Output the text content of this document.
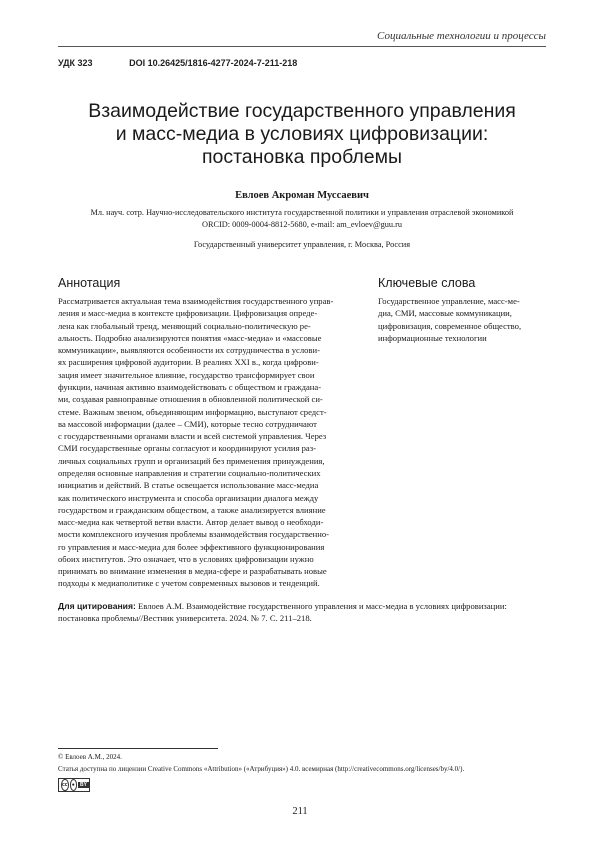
Социальные технологии и процессы
УДК 323	DOI 10.26425/1816-4277-2024-7-211-218
Взаимодействие государственного управления
и масс-медиа в условиях цифровизации:
постановка проблемы
Евлоев Акроман Муссаевич
Мл. науч. сотр. Научно-исследовательского института государственной политики и управления отраслевой экономикой
ORCID: 0009-0004-8812-5680, e-mail: am_evloev@guu.ru
Государственный университет управления, г. Москва, Россия
Аннотация	Ключевые слова
Рассматривается актуальная тема взаимодействия государственного управ-
ления и масс-медиа в контексте цифровизации. Цифровизация опреде-
лена как глобальный тренд, меняющий социально-политическую ре-
альность. Подробно анализируются понятия «масс-медиа» и «массовые
коммуникации», выявляются особенности их сотрудничества в услови-
ях расширения цифровой аудитории. В реалиях XXI в., когда цифрови-
зация имеет значительное влияние, государство трансформирует свои
функции, начиная активно взаимодействовать с обществом и граждана-
ми, создавая равноправные отношения в обновленной политической си-
стеме. Важным звеном, объединяющим информацию, выступают средст-
ва массовой информации (далее – СМИ), которые тесно сотрудничают
с государственными органами власти и всей системой управления. Через
СМИ государственные органы согласуют и координируют усилия раз-
личных социальных групп и организаций без применения принуждения,
определяя основные направления и стратегии социально-политических
инициатив и действий. В статье освещается использование масс-медиа
как политического инструмента и способа организации диалога между
государством и гражданским обществом, а также анализируется влияние
масс-медиа как четвертой ветви власти. Автор делает вывод о необходи-
мости комплексного изучения проблемы взаимодействия государственно-
го управления и масс-медиа для более эффективного функционирования
обоих институтов. Это означает, что в условиях цифровизации нужно
принимать во внимание изменения в медиа-сфере и разрабатывать новые
подходы к медиаполитике с учетом современных вызовов и тенденций.
Государственное управление, масс-ме-
диа, СМИ, массовые коммуникации,
цифровизация, современное общество,
информационные технологии
Для цитирования: Евлоев А.М. Взаимодействие государственного управления и масс-медиа в условиях цифровизации: постановка проблемы//Вестник университета. 2024. № 7. С. 211–218.
© Евлоев А.М., 2024.
Статья доступна по лицензии Creative Commons «Attribution» («Атрибуция») 4.0. всемирная (http://creativecommons.org/licenses/by/4.0/).
cc ●	BY
211
